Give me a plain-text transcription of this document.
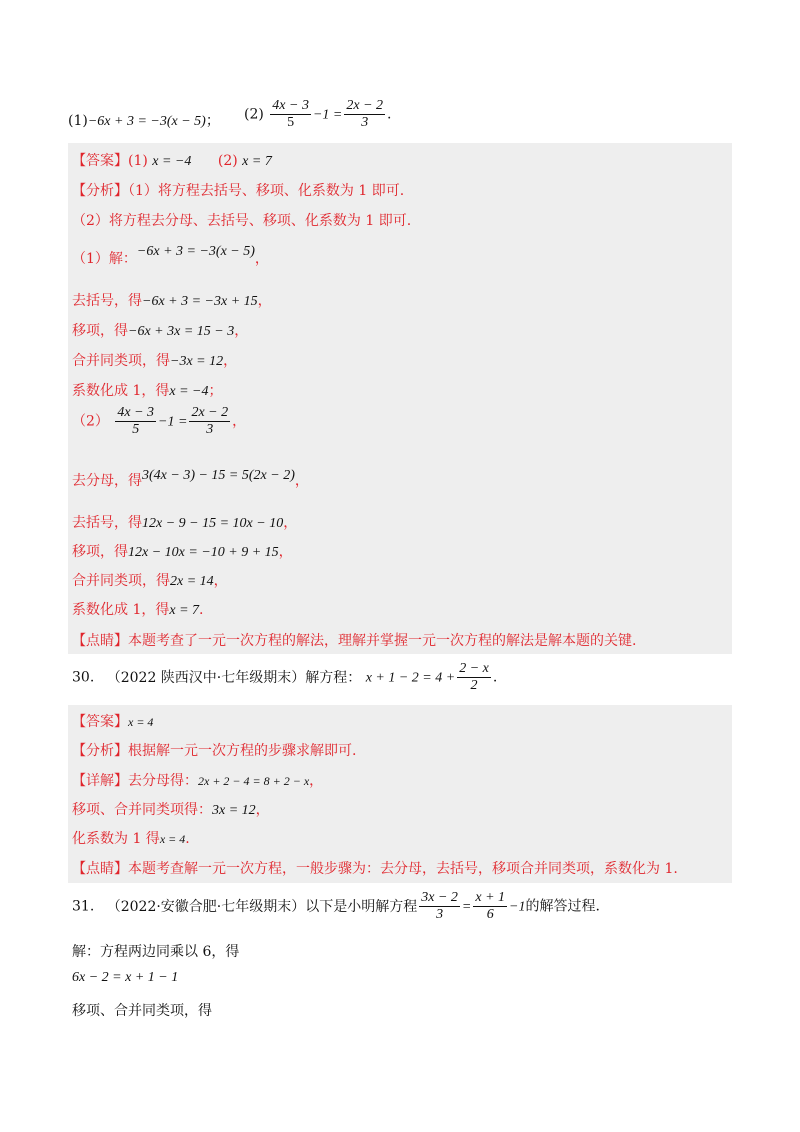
(1)−6x + 3 = −3(x − 5)； $(2) \frac{4x - 3}{5} -1 = \frac{2x - 2}{3}$ .
【答案】(1) x = −4 (2) x = 7
【分析】（1）将方程去括号、移项、化系数为 1 即可.
（2）将方程去分母、去括号、移项、化系数为 1 即可.
（1）解：−6x + 3 = −3(x − 5)，
去括号，得−6x + 3 = −3x + 15，
移项，得−6x + 3x = 15 − 3，
合并同类项，得−3x = 12，
系数化成 1，得x = −4；
$(2) \frac{4x - 3}{5} -1 = \frac{2x - 2}{3}$ ，
去分母，得3(4x − 3) − 15 = 5(2x − 2)，
去括号，得12x − 9 − 15 = 10x − 10，
移项，得12x − 10x = −10 + 9 + 15，
合并同类项，得2x = 14，
系数化成 1，得x = 7.
【点睛】本题考查了一元一次方程的解法，理解并掌握一元一次方程的解法是解本题的关键.
30. （2022 陕西汉中·七年级期末）解方程： $x + 1 - 2 = 4 + \frac{2 - x}{2}$ .
【答案】x = 4
【分析】根据解一元一次方程的步骤求解即可.
【详解】去分母得：2x + 2 − 4 = 8 + 2 − x，
移项、合并同类项得：3x = 12，
化系数为 1 得x = 4.
【点睛】本题考查解一元一次方程，一般步骤为：去分母，去括号，移项合并同类项，系数化为 1.
31. （2022·安徽合肥·七年级期末）以下是小明解方程 $\frac{3x - 2}{3} = \frac{x + 1}{6} -1$的解答过程.
解：方程两边同乘以 6，得
6x − 2 = x + 1 − 1
移项、合并同类项，得
